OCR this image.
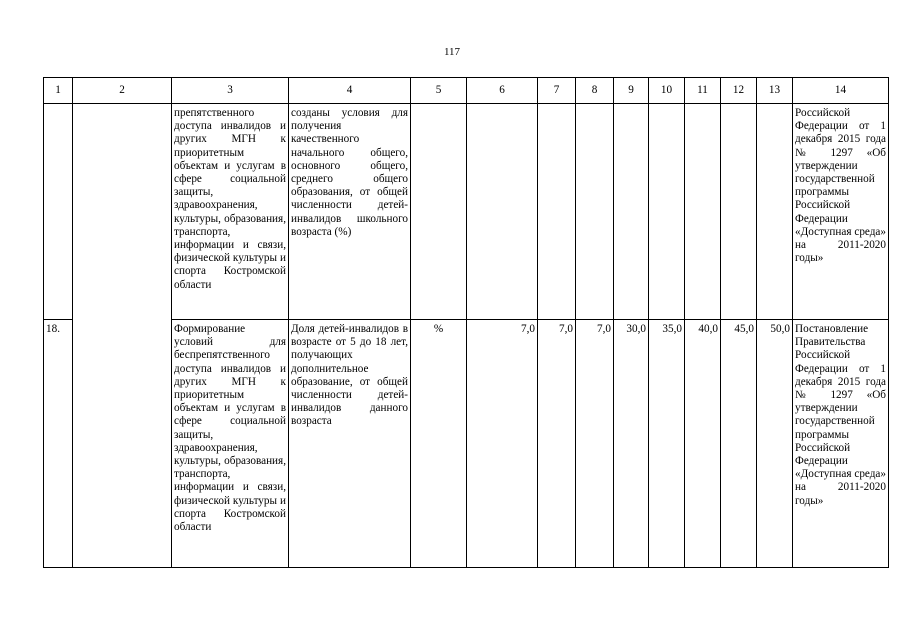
117
1	2	3	4	5	6	7	8	9	10	11	12	13	14
		препятственного доступа инвалидов и других МГН к приоритетным объектам и услугам в сфере социальной защиты, здравоохранения, культуры, образования, транспорта, информации и связи, физической культуры и спорта Костромской области	созданы условия для получения качественного начального общего, основного общего, среднего общего образования, от общей численности детей-инвалидов школьного возраста (%)										Российской Федерации от 1 декабря 2015 года № 1297 «Об утверждении государственной программы Российской Федерации «Доступная среда» на 2011-2020 годы»
18.		Формирование условий для беспрепятственного доступа инвалидов и других МГН к приоритетным объектам и услугам в сфере социальной защиты, здравоохранения, культуры, образования, транспорта, информации и связи, физической культуры и спорта Костромской области	Доля детей-инвалидов в возрасте от 5 до 18 лет, получающих дополнительное образование, от общей численности детей-инвалидов данного возраста	%	7,0	7,0	7,0	30,0	35,0	40,0	45,0	50,0	Постановление Правительства Российской Федерации от 1 декабря 2015 года № 1297 «Об утверждении государственной программы Российской Федерации «Доступная среда» на 2011-2020 годы»
